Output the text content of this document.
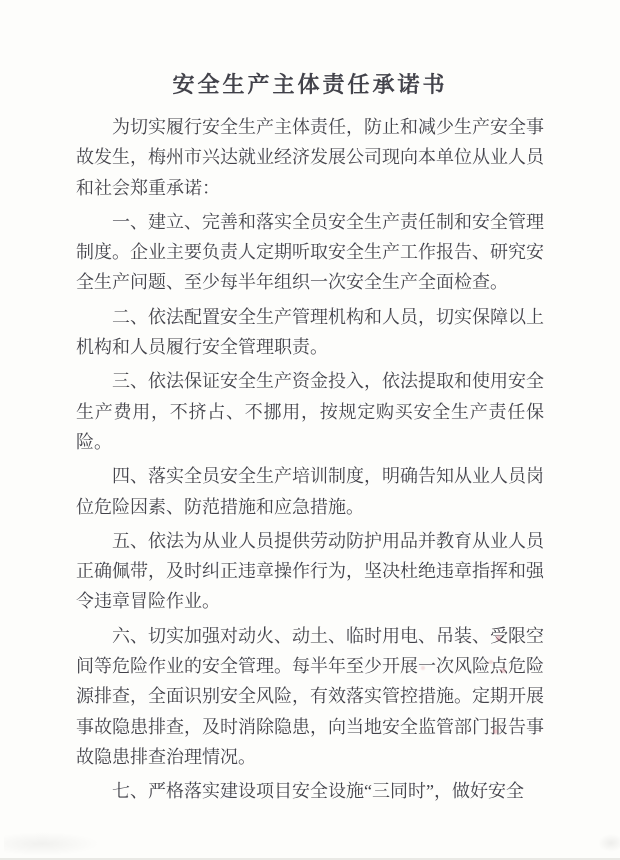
安全生产主体责任承诺书

为切实履行安全生产主体责任，防止和减少生产安全事故发生，梅州市兴达就业经济发展公司现向本单位从业人员和社会郑重承诺：

一、建立、完善和落实全员安全生产责任制和安全管理制度。企业主要负责人定期听取安全生产工作报告、研究安全生产问题、至少每半年组织一次安全生产全面检查。

二、依法配置安全生产管理机构和人员，切实保障以上机构和人员履行安全管理职责。

三、依法保证安全生产资金投入，依法提取和使用安全生产费用，不挤占、不挪用，按规定购买安全生产责任保险。

四、落实全员安全生产培训制度，明确告知从业人员岗位危险因素、防范措施和应急措施。

五、依法为从业人员提供劳动防护用品并教育从业人员正确佩带，及时纠正违章操作行为，坚决杜绝违章指挥和强令违章冒险作业。

六、切实加强对动火、动土、临时用电、吊装、受限空间等危险作业的安全管理。每半年至少开展一次风险点危险源排查，全面识别安全风险，有效落实管控措施。定期开展事故隐患排查，及时消除隐患，向当地安全监管部门报告事故隐患排查治理情况。

七、严格落实建设项目安全设施“三同时”，做好安全
